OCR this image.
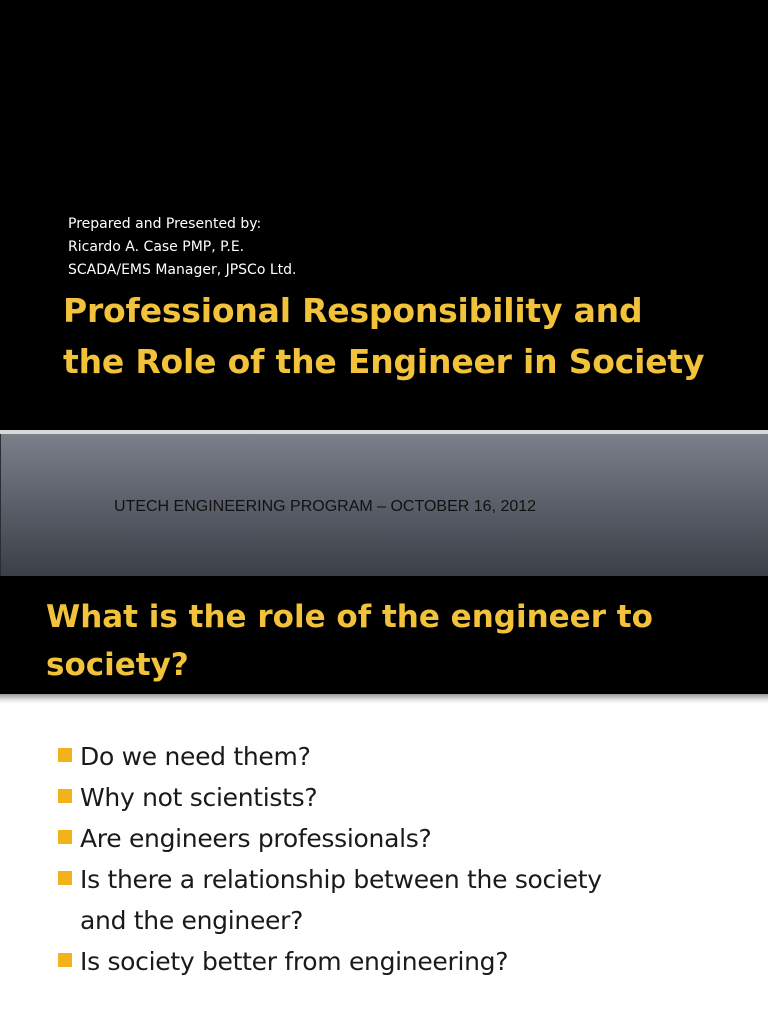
Prepared and Presented by:
Ricardo A. Case PMP, P.E.
SCADA/EMS Manager, JPSCo Ltd.
Professional Responsibility and
the Role of the Engineer in Society
UTECH ENGINEERING PROGRAM – OCTOBER 16, 2012
What is the role of the engineer to
society?
Do we need them?
Why not scientists?
Are engineers professionals?
Is there a relationship between the society
and the engineer?
Is society better from engineering?
